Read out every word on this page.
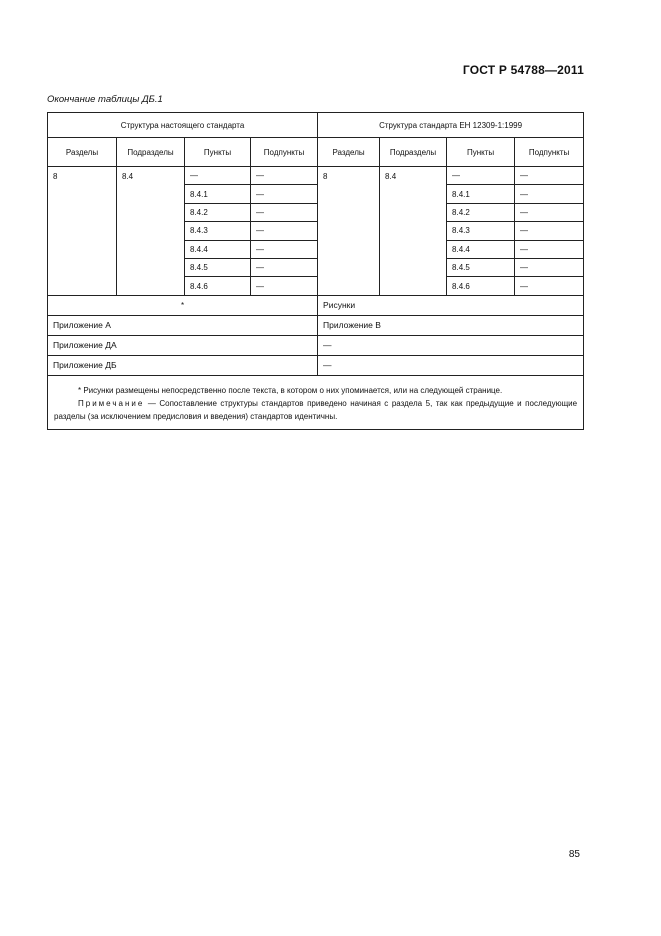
ГОСТ Р 54788—2011
Окончание таблицы ДБ.1
Структура настоящего стандарта				Структура стандарта ЕН 12309-1:1999			
Разделы	Подразделы	Пункты	Подпункты	Разделы	Подразделы	Пункты	Подпункты
8	8.4	—	—	8	8.4	—	—
		8.4.1	—			8.4.1	—
		8.4.2	—			8.4.2	—
		8.4.3	—			8.4.3	—
		8.4.4	—			8.4.4	—
		8.4.5	—			8.4.5	—
		8.4.6	—			8.4.6	—
*				Рисунки			
Приложение А				Приложение В			
Приложение ДА				—			
Приложение ДБ				—			

* Рисунки размещены непосредственно после текста, в котором о них упоминается, или на следующей странице.

Примечание — Сопоставление структуры стандартов приведено начиная с раздела 5, так как предыдущие и последующие разделы (за исключением предисловия и введения) стандартов идентичны.							

85
